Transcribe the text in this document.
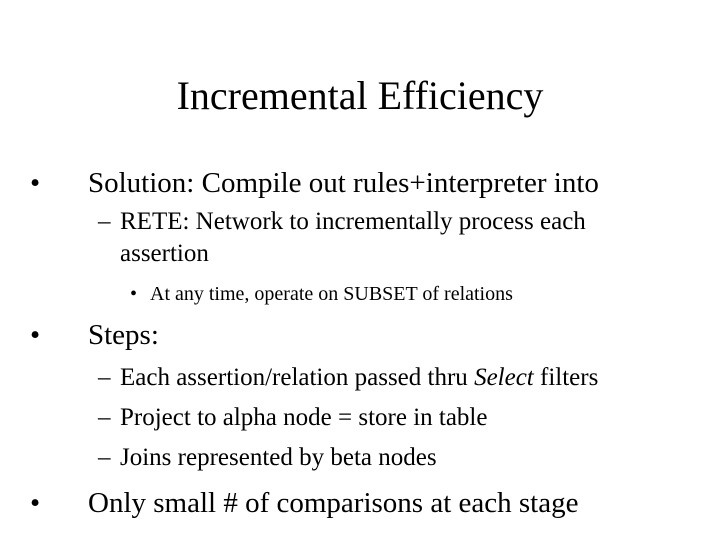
Incremental Efficiency
• Solution: Compile out rules+interpreter into
– RETE: Network to incrementally process each
assertion
• At any time, operate on SUBSET of relations
• Steps:
– Each assertion/relation passed thru Select filters
– Project to alpha node = store in table
– Joins represented by beta nodes
• Only small # of comparisons at each stage
